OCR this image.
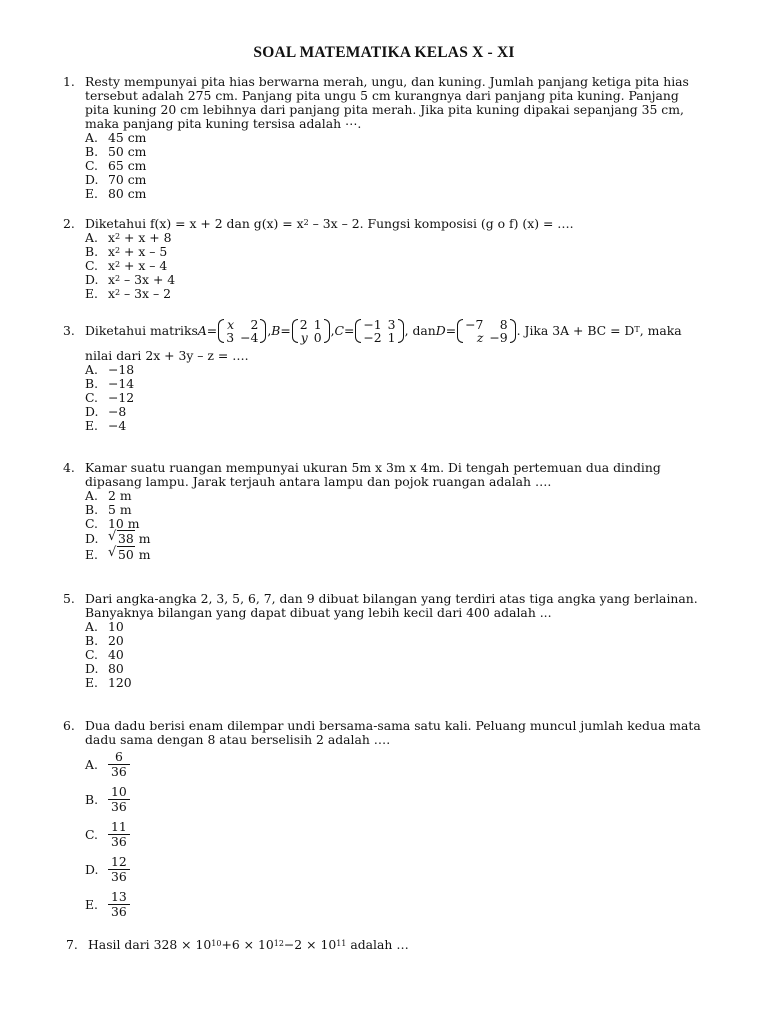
SOAL MATEMATIKA KELAS X - XI
1. Resty mempunyai pita hias berwarna merah, ungu, dan kuning. Jumlah panjang ketiga pita hias tersebut adalah 275 cm. Panjang pita ungu 5 cm kurangnya dari panjang pita kuning. Panjang pita kuning 20 cm lebihnya dari panjang pita merah. Jika pita kuning dipakai sepanjang 35 cm, maka panjang pita kuning tersisa adalah ⋯.
A. 45 cm
B. 50 cm
C. 65 cm
D. 70 cm
E. 80 cm
2. Diketahui f(x) = x + 2 dan $g(x) = x^2 - 3x - 2$. Fungsi komposisi (g o f) (x) = ….
A. $x^2 + x + 8$
B. $x^2 + x - 5$
C. $x^2 + x - 4$
D. $x^2 - 3x + 4$
E. $x^2 - 3x - 2$
3. Diketahui matriks A = x	2
3	−4 , B = 2	1
y	0 , C = −1	3
−2	1 , dan D = −7	8
z	−9 . Jika 3A + BC = $D^T$, maka
nilai dari 2x + 3y – z = ….
A. −18
B. −14
C. −12
D. −8
E. −4
4. Kamar suatu ruangan mempunyai ukuran 5m x 3m x 4m. Di tengah pertemuan dua dinding dipasang lampu. Jarak terjauh antara lampu dan pojok ruangan adalah ….
A. 2 m
B. 5 m
C. 10 m
D. √ 38 m
E. √ 50 m
5. Dari angka-angka 2, 3, 5, 6, 7, dan 9 dibuat bilangan yang terdiri atas tiga angka yang berlainan. Banyaknya bilangan yang dapat dibuat yang lebih kecil dari 400 adalah ...
A. 10
B. 20
C. 40
D. 80
E. 120
6. Dua dadu berisi enam dilempar undi bersama-sama satu kali. Peluang muncul jumlah kedua mata dadu sama dengan 8 atau berselisih 2 adalah ….
A. $\frac{6}{36}$
B. $\frac{10}{36}$
C. $\frac{11}{36}$
D. $\frac{12}{36}$
E. $\frac{13}{36}$
7. Hasil dari $328 \times 10^{10}+6 \times 10^{12}-2 \times 10^{11}$ adalah …
